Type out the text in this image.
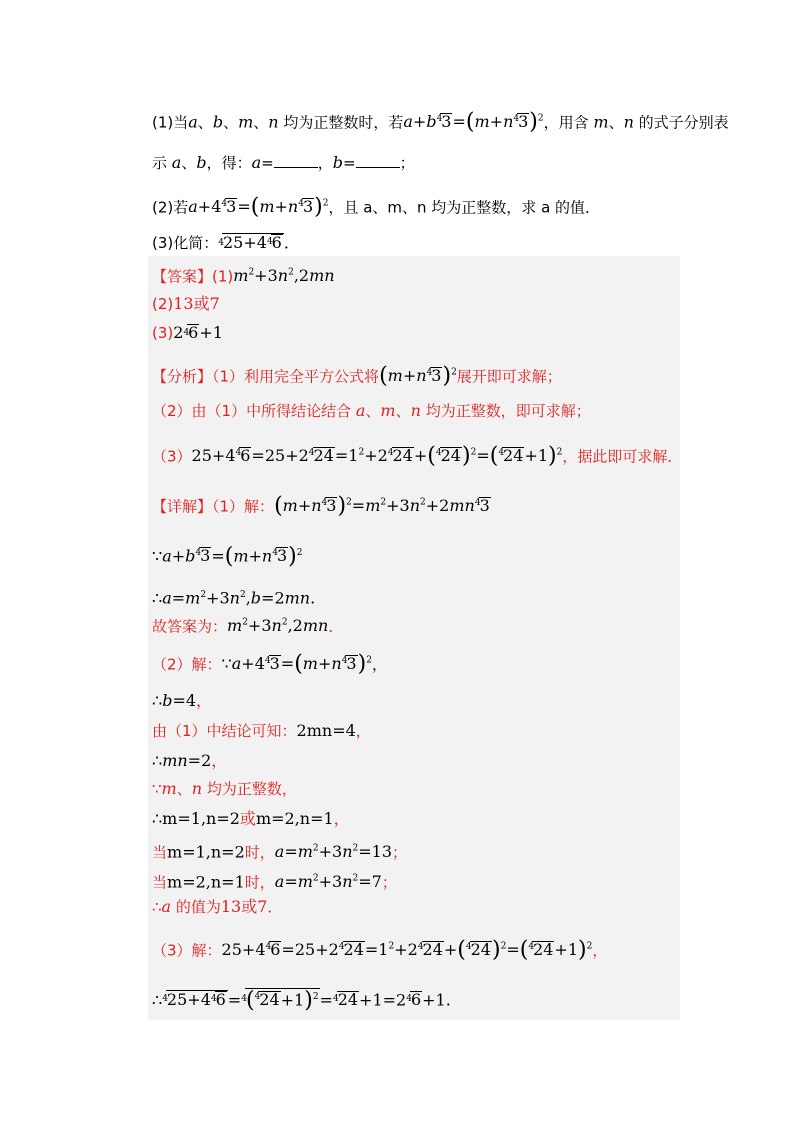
(1)当a、b、m、n 均为正整数时，若$a+b^43=(m+n^43)^2$，用含 m、n 的式子分别表
示 a、b，得：a=	，b=	；
(2)若$a+4^43=(m+n^43)^2$，且 a、m、n 均为正整数，求 a 的值．
(3)化简：$^425+4^46$ ．
【答案】$(1)m^2+3n^2,2mn$
(2)13或7
$(3)2^46+1$
【分析】（1）利用完全平方公式将$(m+n^43)^2$展开即可求解；
（2）由（1）中所得结论结合 a、m、n 均为正整数，即可求解；
$(3)25+4^46=25+2^424=1^2+2^424+(^424)^2=(^424+1)^2$，据此即可求解．
【详解】（1）解：$(m+n^43)^2=m^2+3n^2+2mn^43$
$\because a+b^43=(m+n^43)^2$
$\therefore a=m^2+3n^2,b=2mn$.
故答案为：$m^2+3n^2,2mn$．
（2）解：$\because a+4^43=(m+n^43)^2$，
∴b=4，
由（1）中结论可知：2mn=4，
∴mn=2，
∵m、n 均为正整数，
∴m=1,n=2或m=2,n=1，
当m=1,n=2时，$a=m^2+3n^2=13$；
当m=2,n=1时，$a=m^2+3n^2=7$；
∴a 的值为13或7．
（3）解：$25+4^46=25+2^424=1^2+2^424+(^424)^2=(^424+1)^2$，
$\therefore^425+4^46 =^4(^424+1)^2=^424+1=2^46+1$.
